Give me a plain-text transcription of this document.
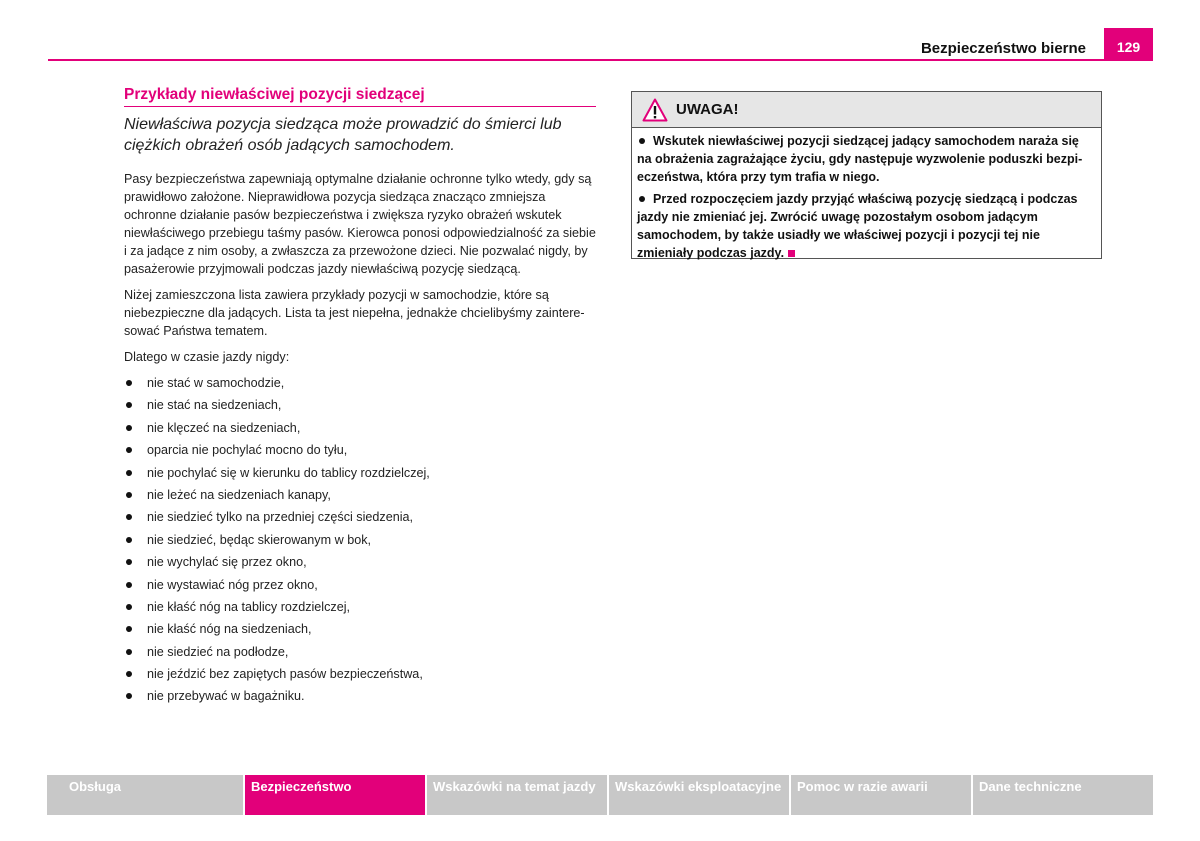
Bezpieczeństwo bierne	129
Przykłady niewłaściwej pozycji siedzącej

Niewłaściwa pozycja siedząca może prowadzić do śmierci lub ciężkich obrażeń osób jadących samochodem.

Pasy bezpieczeństwa zapewniają optymalne działanie ochronne tylko wtedy, gdy są prawidłowo założone. Nieprawidłowa pozycja siedząca znacząco zmniejsza ochronne działanie pasów bezpieczeństwa i zwiększa ryzyko obrażeń wskutek niewłaściwego przebiegu taśmy pasów. Kierowca ponosi odpowiedzialność za siebie i za jadące z nim osoby, a zwłaszcza za przewożone dzieci. Nie pozwalać nigdy, by pasażerowie przyjmowali podczas jazdy niewłaściwą pozycję siedzącą.

Niżej zamieszczona lista zawiera przykłady pozycji w samochodzie, które są niebezpieczne dla jadących. Lista ta jest niepełna, jednakże chcielibyśmy zaintere-sować Państwa tematem.

Dlatego w czasie jazdy nigdy:

nie stać w samochodzie,
nie stać na siedzeniach,
nie klęczeć na siedzeniach,
oparcia nie pochylać mocno do tyłu,
nie pochylać się w kierunku do tablicy rozdzielczej,
nie leżeć na siedzeniach kanapy,
nie siedzieć tylko na przedniej części siedzenia,
nie siedzieć, będąc skierowanym w bok,
nie wychylać się przez okno,
nie wystawiać nóg przez okno,
nie kłaść nóg na tablicy rozdzielczej,
nie kłaść nóg na siedzeniach,
nie siedzieć na podłodze,
nie jeździć bez zapiętych pasów bezpieczeństwa,
nie przebywać w bagażniku.
UWAGA!

Wskutek niewłaściwej pozycji siedzącej jadący samochodem naraża się na obrażenia zagrażające życiu, gdy następuje wyzwolenie poduszki bezpi-eczeństwa, która przy tym trafia w niego.

Przed rozpoczęciem jazdy przyjąć właściwą pozycję siedzącą i podczas jazdy nie zmieniać jej. Zwrócić uwagę pozostałym osobom jadącym samochodem, by także usiadły we właściwej pozycji i pozycji tej nie zmieniały podczas jazdy.

Obsługa	Bezpieczeństwo	Wskazówki na temat jazdy	Wskazówki eksploatacyjne	Pomoc w razie awarii	Dane techniczne
